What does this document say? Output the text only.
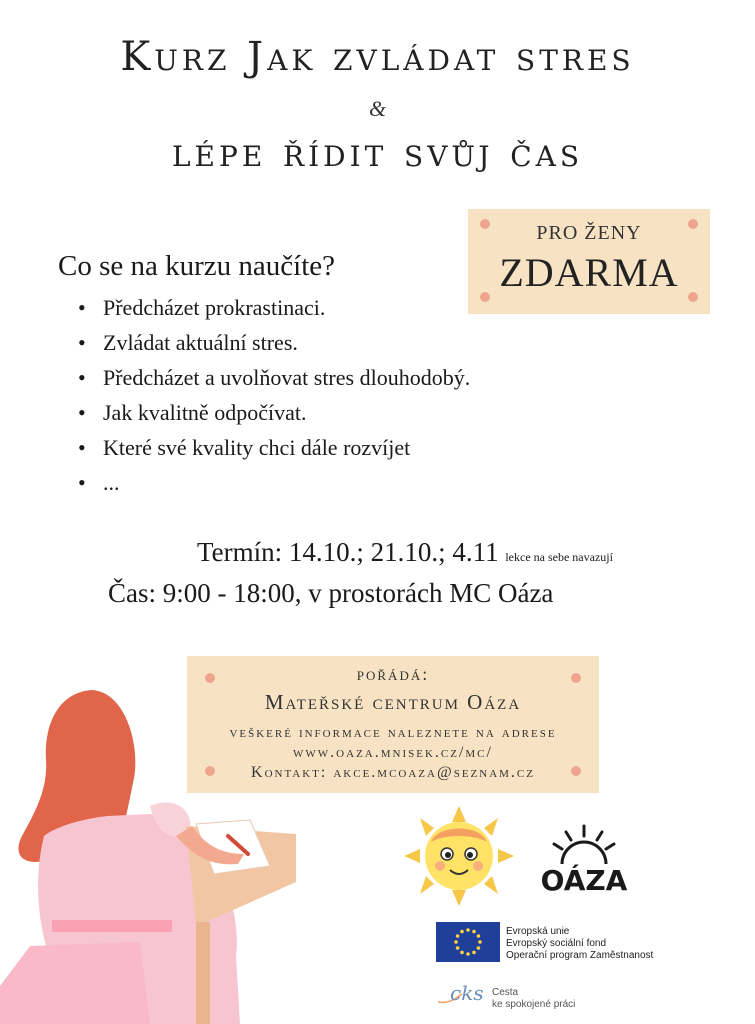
Kurz Jak zvládat stres
&
lépe řídit svůj čas
PRO ŽENY
ZDARMA
Co se na kurzu naučíte?
• Předcházet prokrastinaci.
• Zvládat aktuální stres.
• Předcházet a uvolňovat stres dlouhodobý.
• Jak kvalitně odpočívat.
• Které své kvality chci dále rozvíjet
• ...
Termín: 14.10.; 21.10.; 4.11 lekce na sebe navazují
Čas: 9:00 - 18:00, v prostorách MC Oáza
pořádá:
Mateřské centrum Oáza
veškeré informace naleznete na adrese
www.oaza.mnisek.cz/mc/
Kontakt: akce.mcoaza@seznam.cz
OÁZA
Evropská unie
Evropský sociální fond
Operační program Zaměstnanost
cks Cesta
ke spokojené práci
